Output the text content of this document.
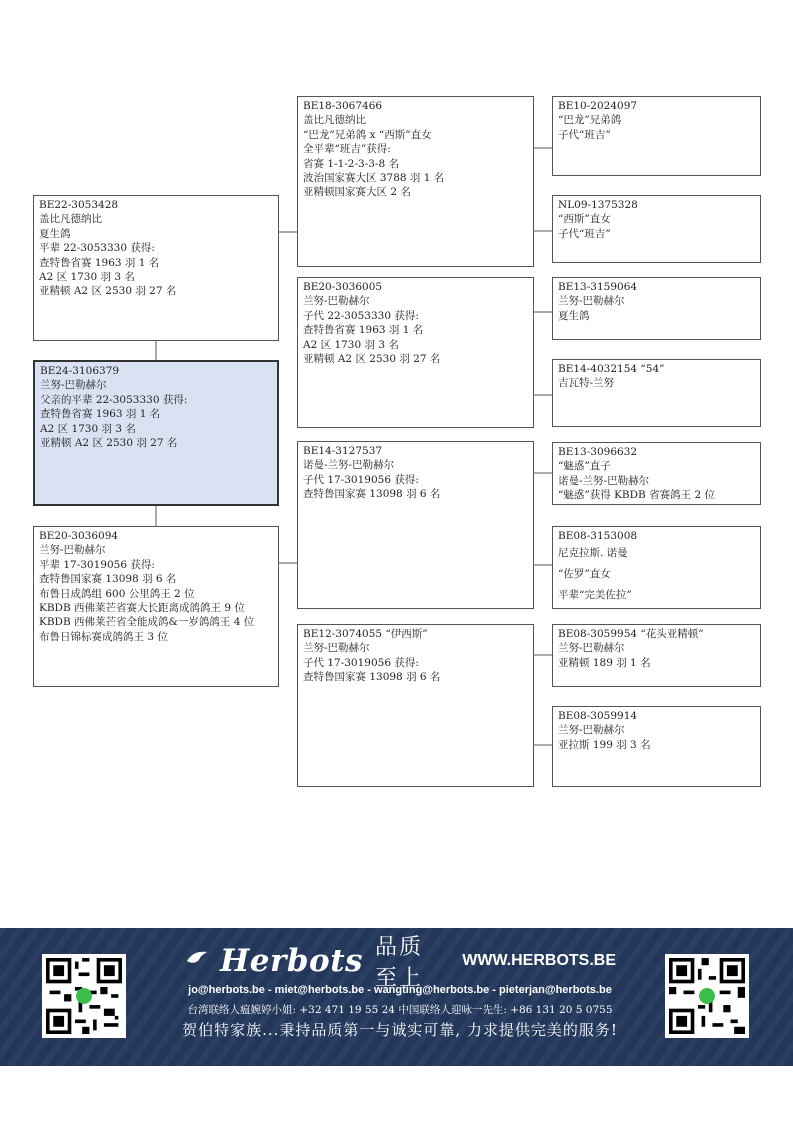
BE24-3106379
兰努-巴勒赫尔
父亲的平辈 22-3053330 获得:
查特鲁省赛 1963 羽 1 名
A2 区 1730 羽 3 名
亚精顿 A2 区 2530 羽 27 名
BE22-3053428
盖比凡德纳比
夏生鸽
平辈 22-3053330 获得:
查特鲁省赛 1963 羽 1 名
A2 区 1730 羽 3 名
亚精顿 A2 区 2530 羽 27 名
BE20-3036094
兰努-巴勒赫尔
平辈 17-3019056 获得:
查特鲁国家赛 13098 羽 6 名
布鲁日成鸽组 600 公里鸽王 2 位
KBDB 西佛莱芒省赛大长距离成鸽鸽王 9 位
KBDB 西佛莱芒省全能成鸽&一岁鸽鸽王 4 位
布鲁日锦标赛成鸽鸽王 3 位
BE18-3067466
盖比凡德纳比
“巴龙”兄弟鸽 x “西斯”直女
全平辈“班吉”获得:
省赛 1-1-2-3-3-8 名
波治国家赛大区 3788 羽 1 名
亚精顿国家赛大区 2 名
BE20-3036005
兰努-巴勒赫尔
子代 22-3053330 获得:
查特鲁省赛 1963 羽 1 名
A2 区 1730 羽 3 名
亚精顿 A2 区 2530 羽 27 名
BE14-3127537
诺曼-兰努-巴勒赫尔
子代 17-3019056 获得:
查特鲁国家赛 13098 羽 6 名
BE12-3074055 “伊西斯”
兰努-巴勒赫尔
子代 17-3019056 获得:
查特鲁国家赛 13098 羽 6 名
BE10-2024097
“巴龙”兄弟鸽
子代“班吉”
NL09-1375328
“西斯”直女
子代“班吉”
BE13-3159064
兰努-巴勒赫尔
夏生鸽
BE14-4032154 “54”
吉瓦特-兰努
BE13-3096632
“魅惑”直子
诺曼-兰努-巴勒赫尔
“魅惑”获得 KBDB 省赛鸽王 2 位
BE08-3153008
尼克拉斯. 诺曼
“佐罗”直女
平辈“完美佐拉”
BE08-3059954 “花头亚精顿”
兰努-巴勒赫尔
亚精顿 189 羽 1 名
BE08-3059914
兰努-巴勒赫尔
亚拉斯 199 羽 3 名
Herbots 品质至上
WWW.HERBOTS.BE
jo@herbots.be - miet@herbots.be - wangting@herbots.be - pieterjan@herbots.be
台湾联络人瘟婉婷小姐: +32 471 19 55 24 中国联络人迎咏一先生: +86 131 20 5 0755
贺伯特家族...秉持品质第一与诚实可靠, 力求提供完美的服务!
